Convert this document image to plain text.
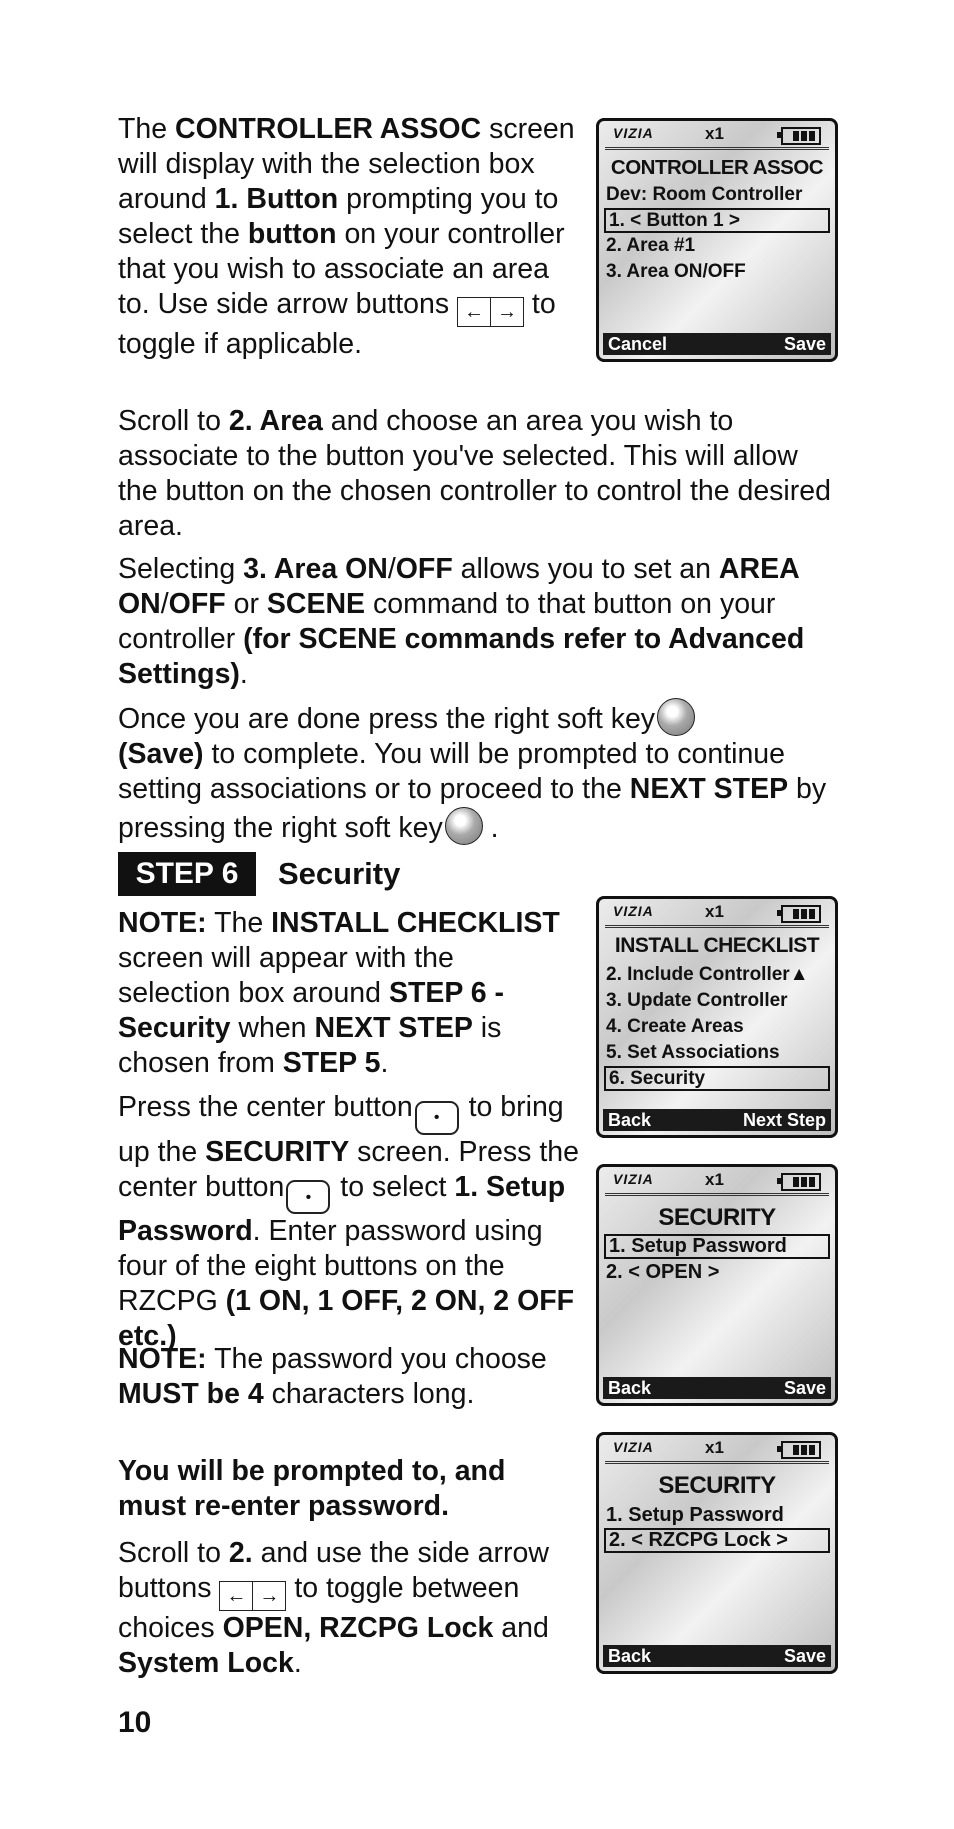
The CONTROLLER ASSOC screen will display with the selection box around 1. Button prompting you to select the button on your controller that you wish to associate an area to. Use side arrow buttons ← → to toggle if applicable.

VIZIA	x1
CONTROLLER ASSOC
Dev: Room Controller
1. < Button 1 >
2. Area #1
3. Area ON/OFF
Cancel	Save

Scroll to 2. Area and choose an area you wish to associate to the button you've selected. This will allow the button on the chosen controller to control the desired area.

Selecting 3. Area ON/OFF allows you to set an AREA ON/OFF or SCENE command to that button on your controller (for SCENE commands refer to Advanced Settings).

Once you are done press the right soft key
(Save) to complete. You will be prompted to continue setting associations or to proceed to the NEXT STEP by pressing the right soft key .

STEP 6	Security

NOTE: The INSTALL CHECKLIST screen will appear with the selection box around STEP 6 - Security when NEXT STEP is chosen from STEP 5.

VIZIA	x1
INSTALL CHECKLIST
2. Include Controller▲
3. Update Controller
4. Create Areas
5. Set Associations
6. Security
Back	Next Step

Press the center button • to bring up the SECURITY screen. Press the center button • to select 1. Setup Password. Enter password using four of the eight buttons on the RZCPG (1 ON, 1 OFF, 2 ON, 2 OFF etc.)

VIZIA	x1
SECURITY
1. Setup Password
2. < OPEN >
Back	Save

NOTE: The password you choose MUST be 4 characters long.

You will be prompted to, and must re-enter password.

VIZIA	x1
SECURITY
1. Setup Password
2. < RZCPG Lock >
Back	Save

Scroll to 2. and use the side arrow buttons ← → to toggle between choices OPEN, RZCPG Lock and System Lock.

10
